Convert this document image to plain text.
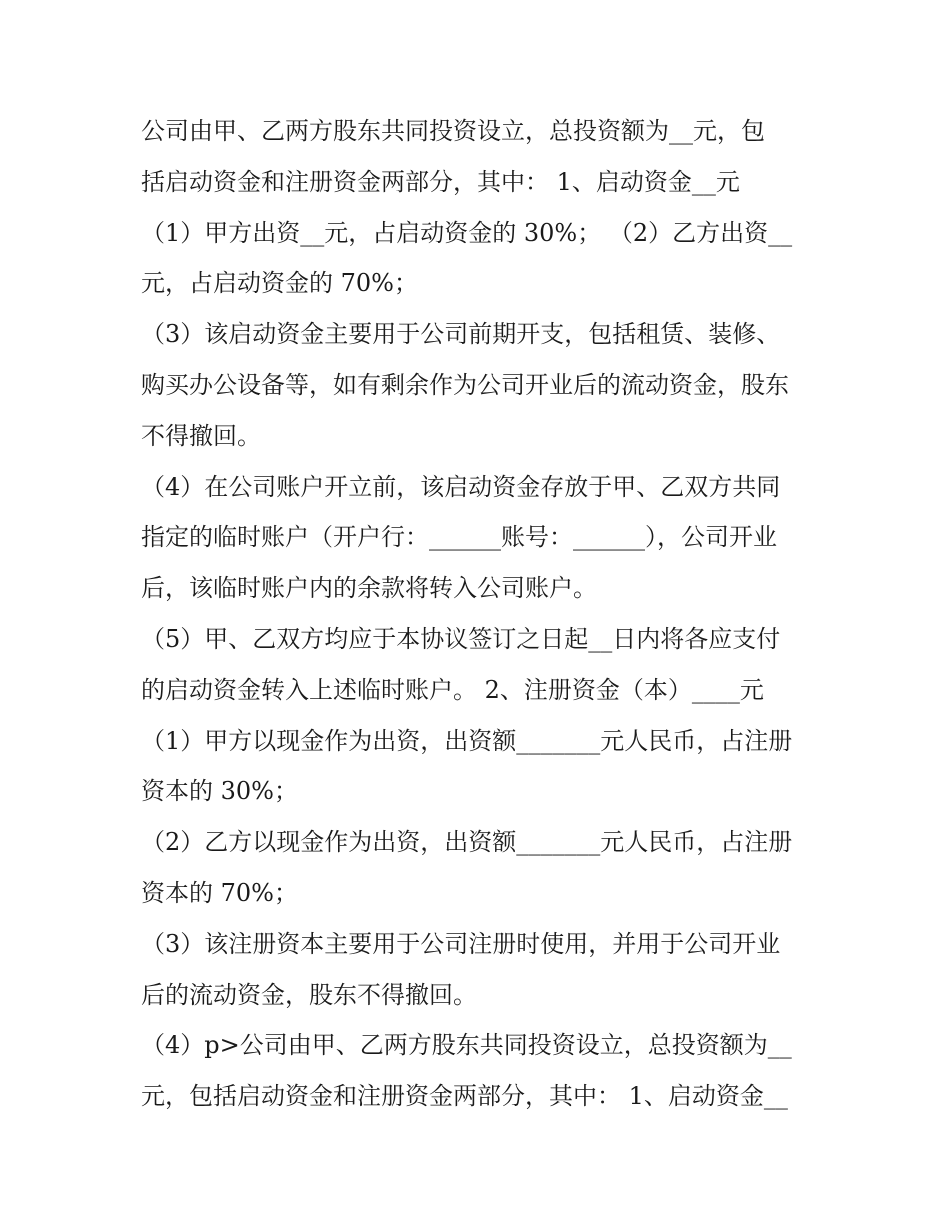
公司由甲、乙两方股东共同投资设立，总投资额为__元，包
括启动资金和注册资金两部分，其中： 1、启动资金__元
（1）甲方出资__元，占启动资金的 30%； （2）乙方出资__
元，占启动资金的 70%；
（3）该启动资金主要用于公司前期开支，包括租赁、装修、
购买办公设备等，如有剩余作为公司开业后的流动资金，股东
不得撤回。
（4）在公司账户开立前，该启动资金存放于甲、乙双方共同
指定的临时账户（开户行：______账号：______），公司开业
后，该临时账户内的余款将转入公司账户。
（5）甲、乙双方均应于本协议签订之日起__日内将各应支付
的启动资金转入上述临时账户。 2、注册资金（本）____元
（1）甲方以现金作为出资，出资额_______元人民币，占注册
资本的 30%；
（2）乙方以现金作为出资，出资额_______元人民币，占注册
资本的 70%；
（3）该注册资本主要用于公司注册时使用，并用于公司开业
后的流动资金，股东不得撤回。
（4）p>公司由甲、乙两方股东共同投资设立，总投资额为__
元，包括启动资金和注册资金两部分，其中： 1、启动资金__
